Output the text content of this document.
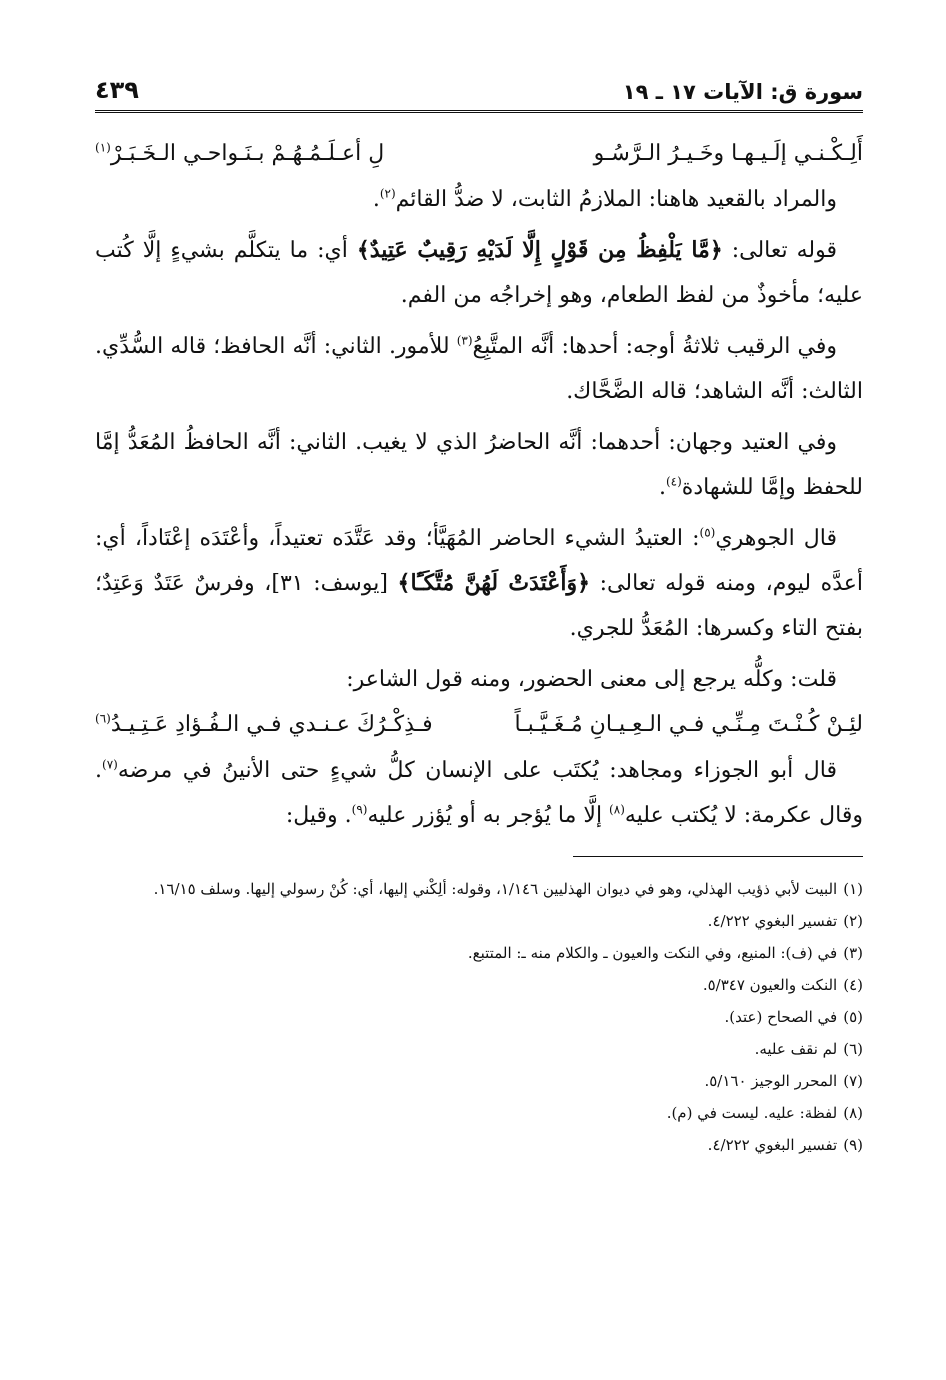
سورة ق: الآيات ١٧ ـ ١٩
٤٣٩
أَلِـكْـنـي إلَـيـهـا وخَـيـرُ الـرَّسُـو
لِ أعـلَـمُـهُـمْ بـنَـواحـي الـخَـبَـرْ$^{(١)}$

والمراد بالقعيد هاهنا: الملازمُ الثابت، لا ضدُّ القائم$^{(٢)}$.

قوله تعالى: ﴿مَّا يَلْفِظُ مِن قَوْلٍ إِلَّا لَدَيْهِ رَقِيبٌ عَتِيدٌ﴾ أي: ما يتكلَّم بشيءٍ إلَّا كُتب عليه؛ مأخوذٌ من لفظ الطعام، وهو إخراجُه من الفم.

وفي الرقيب ثلاثةُ أوجه: أحدها: أنَّه المتَّبِعُ$^{(٣)}$ للأمور. الثاني: أنَّه الحافظ؛ قاله السُّدِّي. الثالث: أنَّه الشاهد؛ قاله الضَّحَّاك.

وفي العتيد وجهان: أحدهما: أنَّه الحاضرُ الذي لا يغيب. الثاني: أنَّه الحافظُ المُعَدُّ إمَّا للحفظ وإمَّا للشهادة$^{(٤)}$.

قال الجوهري$^{(٥)}$: العتيدُ الشيء الحاضر المُهَيَّأ؛ وقد عَتَّدَه تعتيداً، وأعْتَدَه إعْتَاداً، أي: أعدَّه ليوم، ومنه قوله تعالى: ﴿وَأَعْتَدَتْ لَهُنَّ مُتَّكَـًٔا﴾ [يوسف: ٣١]، وفرسٌ عَتَدٌ وَعَتِدٌ؛ بفتح التاء وكسرها: المُعَدُّ للجري.

قلت: وكلُّه يرجع إلى معنى الحضور، ومنه قول الشاعر:

لئِـنْ كُـنْـتَ مِـنِّـي فـي الـعِـيـانِ مُـغَـيَّـبـاً
فـذِكْـرُكَ عـنـدي فـي الـفُـؤادِ عَـتِـيـدُ$^{(٦)}$

قال أبو الجوزاء ومجاهد: يُكتَب على الإنسان كلُّ شيءٍ حتى الأنينُ في مرضه$^{(٧)}$. وقال عكرمة: لا يُكتب عليه$^{(٨)}$ إلَّا ما يُؤجر به أو يُؤزر عليه$^{(٩)}$. وقيل:

(١)البيت لأبي ذؤيب الهذلي، وهو في ديوان الهذليين ١/١٤٦، وقوله: ألِكْني إليها، أي: كُنْ رسولي إليها. وسلف ١٦/١٥.

(٢)تفسير البغوي ٤/٢٢٢.

(٣)في (ف): المنيع، وفي النكت والعيون ـ والكلام منه ـ: المتتبع.

(٤)النكت والعيون ٥/٣٤٧.

(٥)في الصحاح (عتد).

(٦)لم نقف عليه.

(٧)المحرر الوجيز ٥/١٦٠.

(٨)لفظة: عليه. ليست في (م).

(٩)تفسير البغوي ٤/٢٢٢.
